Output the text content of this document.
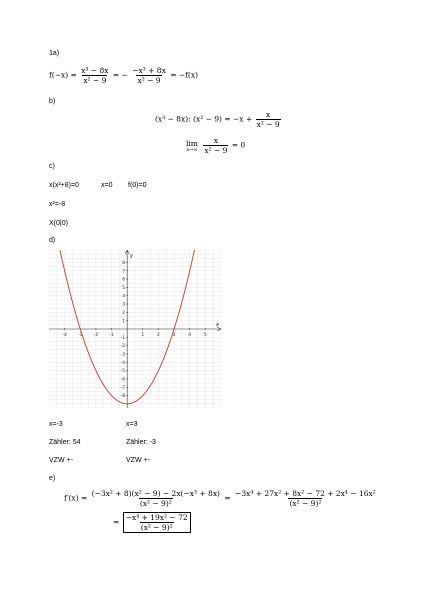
1a)
$f(-x) = \frac{\text{x³ − 8x}}{\text{x² − 9}}$ = − $\frac{\text{−x³ + 8x}}{\text{x² − 9}} = -f(x)$
b)
(x³ − 8x): $(x^2 - 9) = -x + \frac{x}{\text{x² − 9}}$
lim
x→∞
$\frac{x}{\text{x² − 9}} = 0$
c)
x(x²+8)=0	x=0 f(0)=0
x²=-8
X(0|0)
d)
x
y
-4 -3 -2 -1	1	2	3	4	5
8
7
6
5
4
3
2
1
-1
-2
-3
-4
-5
-6
-7
-8
x=-3	x=3
Zähler: 54	Zähler: -3
VZW +-	VZW +-
e)
$f'(x) = \frac{\text{(−3x² + 8)(x² − 9) − 2x(−x³ + 8x)}}{\text{(x² − 9)²}} = \frac{\text{−3x⁴ + 27x² + 8x² − 72 + 2x⁴ − 16x²}}{\text{(x² − 9)²}}$
= $\frac{\text{−x⁴ + 19x² − 72}}{\text{(x² − 9)²}}$
